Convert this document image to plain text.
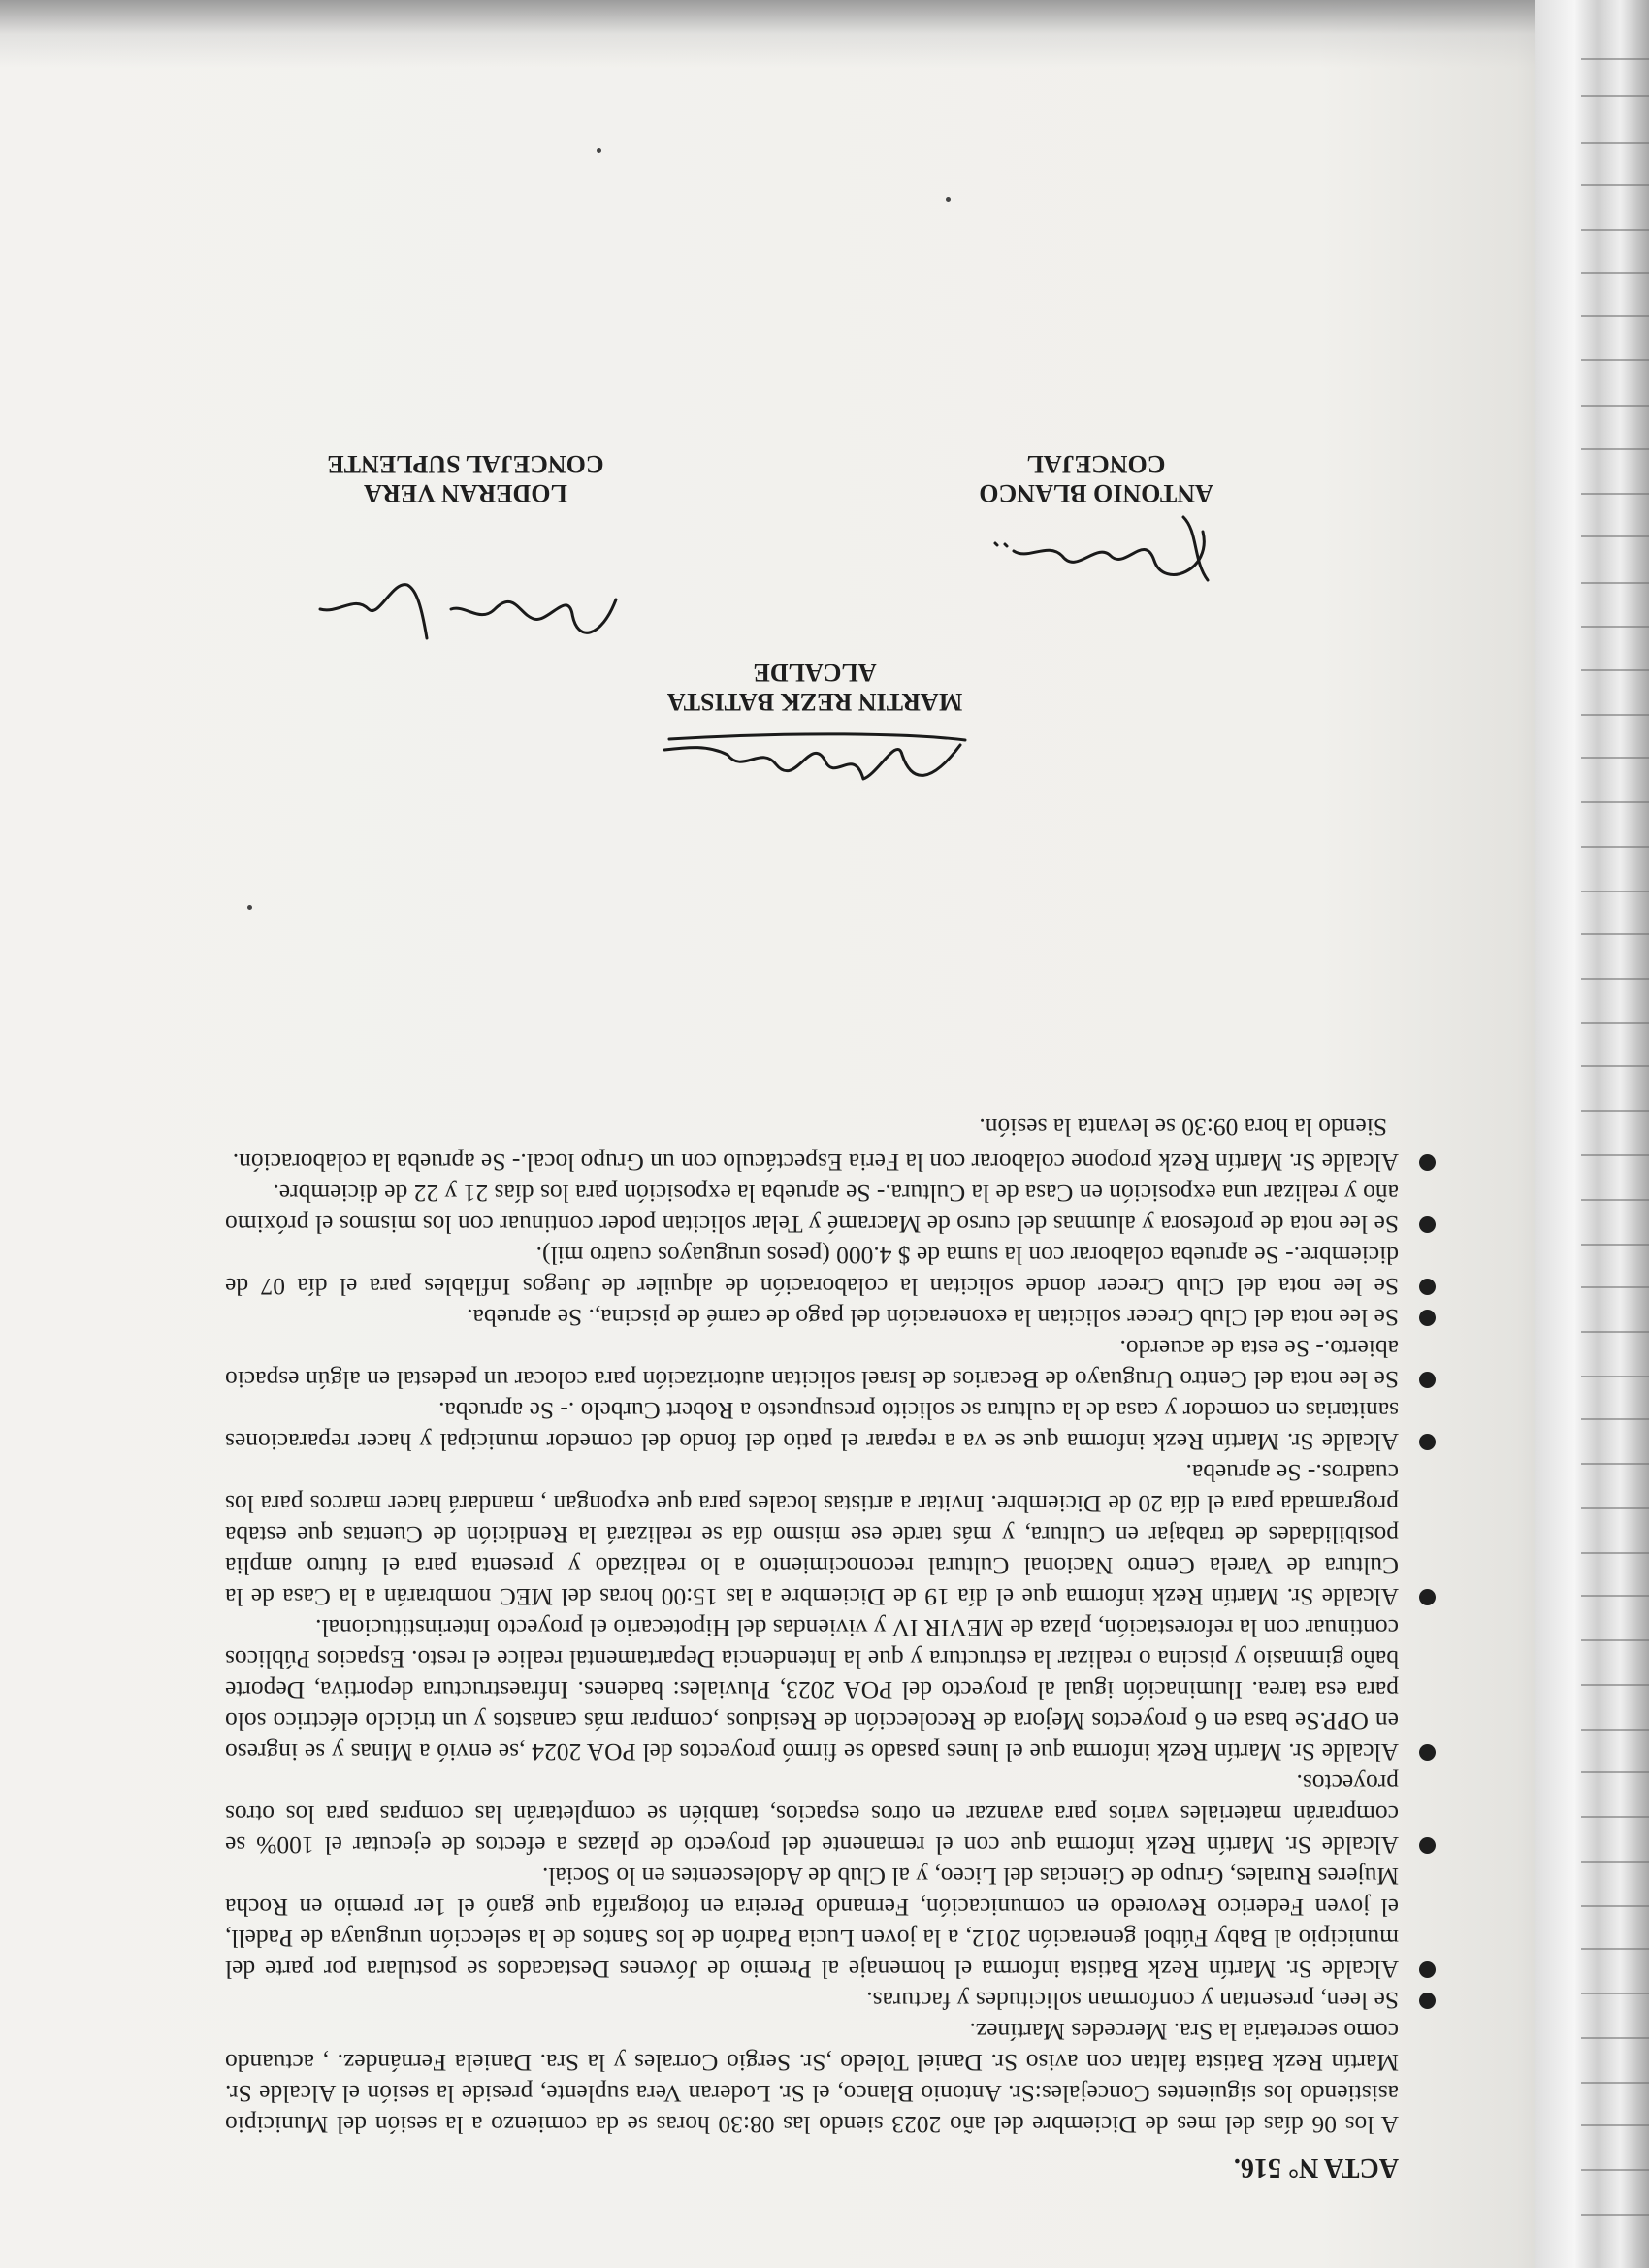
ACTA N° 516.

A los 06 días del mes de Diciembre del año 2023 siendo las 08:30 horas se da comienzo a la sesión del Municipio asistiendo los siguientes Concejales:Sr. Antonio Blanco, el Sr. Loderan Vera suplente, preside la sesión el Alcalde Sr. Martín Rezk Batista faltan con aviso Sr. Daniel Toledo ,Sr. Sergio Corrales y la Sra. Daniela Fernández. , actuando como secretaria la Sra. Mercedes Martínez.

Se leen, presentan y conforman solicitudes y facturas.
Alcalde Sr. Martín Rezk Batista informa el homenaje al Premio de Jóvenes Destacados se postulara por parte del municipio al Baby Fútbol generación 2012, a la joven Lucia Padrón de los Santos de la selección uruguaya de Padell, el joven Federico Revoredo en comunicación, Fernando Pereira en fotografía que ganó el 1er premio en Rocha Mujeres Rurales, Grupo de Ciencias del Liceo, y al Club de Adolescentes en lo Social.
Alcalde Sr. Martín Rezk informa que con el remanente del proyecto de plazas a efectos de ejecutar el 100% se comprarán materiales varios para avanzar en otros espacios, también se completarán las compras para los otros proyectos.
Alcalde Sr. Martín Rezk informa que el lunes pasado se firmó proyectos del POA 2024 ,se envió a Minas y se ingreso en OPP.Se basa en 6 proyectos Mejora de Recolección de Residuos ,comprar más canastos y un triciclo eléctrico solo para esa tarea. Iluminación igual al proyecto del POA 2023, Pluviales: badenes. Infraestructura deportiva, Deporte baño gimnasio y piscina o realizar la estructura y que la Intendencia Departamental realice el resto. Espacios Públicos continuar con la reforestación, plaza de MEVIR IV y viviendas del Hipotecario el proyecto Interinstitucional.
Alcalde Sr. Martín Rezk informa que el día 19 de Diciembre a las 15:00 horas del MEC nombrarán a la Casa de la Cultura de Varela Centro Nacional Cultural reconocimiento a lo realizado y presenta para el futuro amplia posibilidades de trabajar en Cultura, y más tarde ese mismo día se realizará la Rendición de Cuentas que estaba programada para el día 20 de Diciembre. Invitar a artistas locales para que expongan , mandará hacer marcos para los cuadros.- Se aprueba.
Alcalde Sr. Martín Rezk informa que se va a reparar el patio del fondo del comedor municipal y hacer reparaciones sanitarias en comedor y casa de la cultura se solicito presupuesto a Robert Curbelo .- Se aprueba.
Se lee nota del Centro Uruguayo de Becarios de Israel solicitan autorización para colocar un pedestal en algún espacio abierto.- Se esta de acuerdo.
Se lee nota del Club Crecer solicitan la exoneración del pago de carné de piscina,. Se aprueba.
Se lee nota del Club Crecer donde solicitan la colaboración de alquiler de Juegos Inflables para el día 07 de diciembre.- Se aprueba colaborar con la suma de $ 4.000 (pesos uruguayos cuatro mil).
Se lee nota de profesora y alumnas del curso de Macramé y Telar solicitan poder continuar con los mismos el próximo año y realizar una exposición en Casa de la Cultura.- Se aprueba la exposición para los días 21 y 22 de diciembre.
Alcalde Sr. Martín Rezk propone colaborar con la Feria Espectáculo con un Grupo local.- Se aprueba la colaboración.

Siendo la hora 09:30 se levanta la sesión.

MARTIN REZK BATISTA
ALCALDE
ANTONIO BLANCO
CONCEJAL
LODERAN VERA
CONCEJAL SUPLENTE
